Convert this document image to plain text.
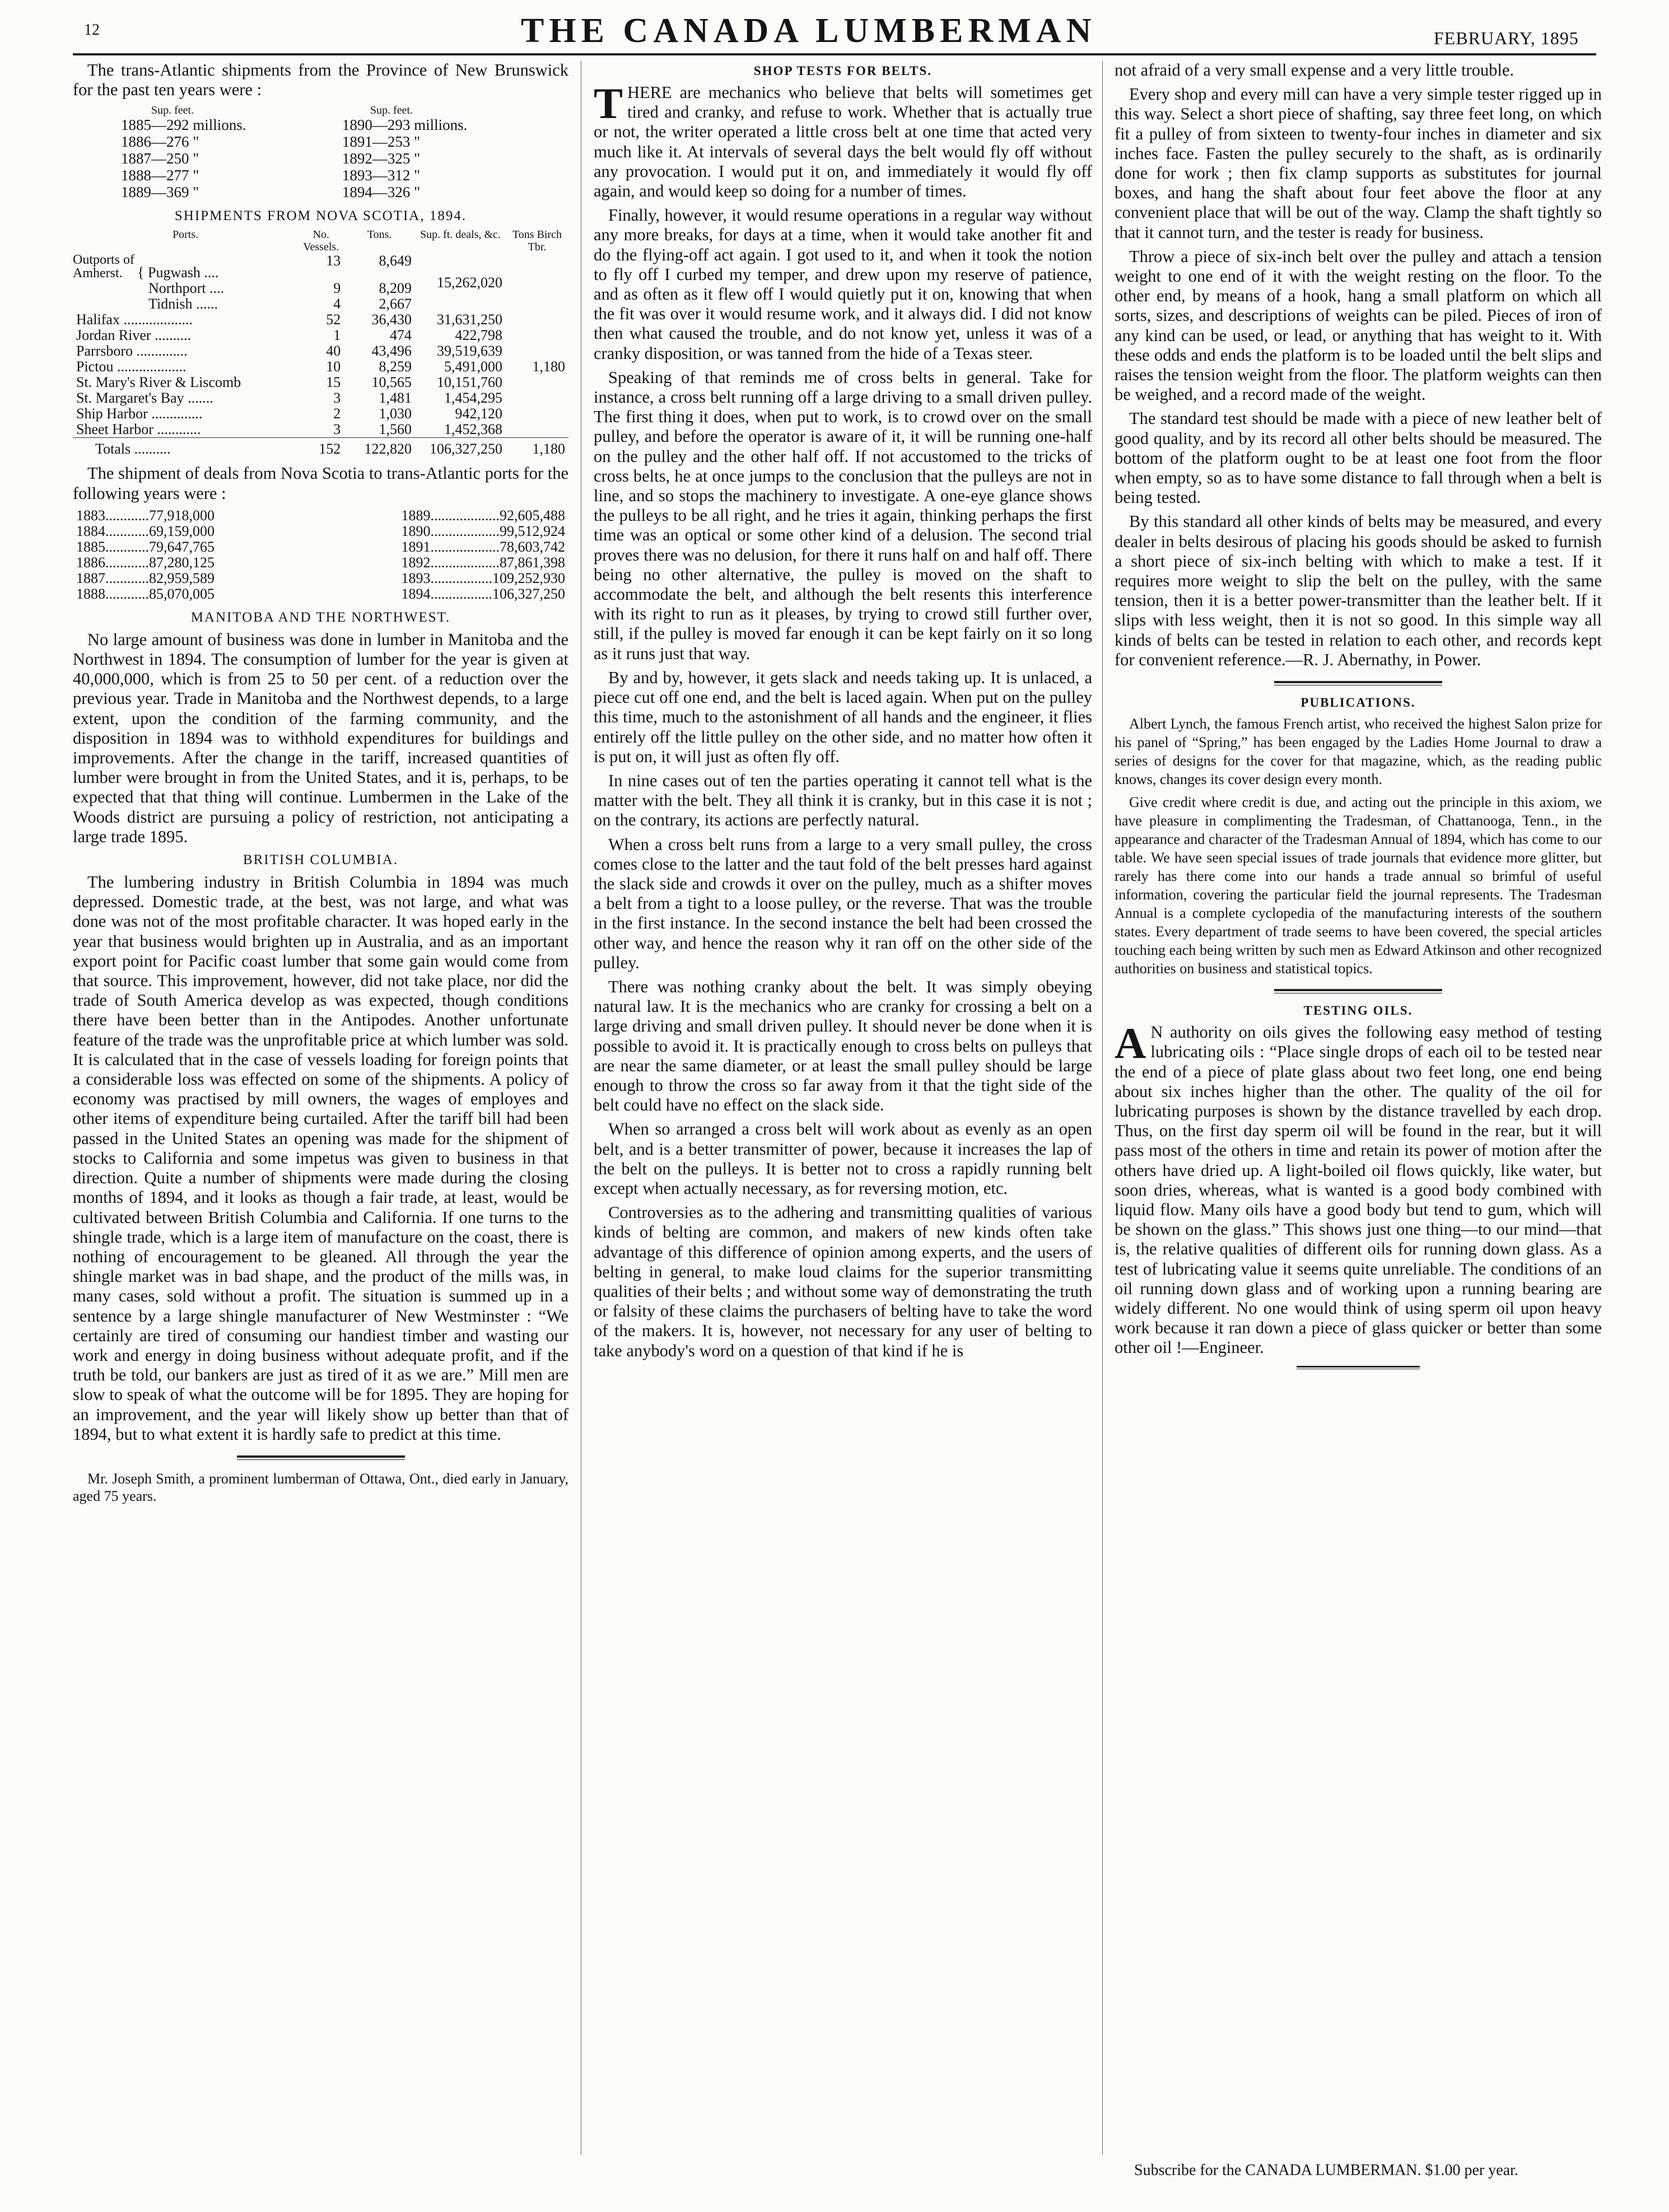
12	THE CANADA LUMBERMAN	FEBRUARY, 1895

The trans-Atlantic shipments from the Province of New Brunswick for the past ten years were :

Sup. feet.	Sup. feet.
1885—292 millions.	1890—293 millions.
1886—276 "	1891—253 "
1887—250 "	1892—325 "
1888—277 "	1893—312 "
1889—369 "	1894—326 "
SHIPMENTS FROM NOVA SCOTIA, 1894.
Ports.	No. Vessels.	Tons.	Sup. ft. deals, &c.	Tons Birch Tbr.
Outports of Amherst. { Pugwash ....	13	8,649	15,262,020	
Northport ....	9	8,209		
Tidnish ......	4	2,667		
Halifax ...................	52	36,430	31,631,250	
Jordan River ..........	1	474	422,798	
Parrsboro ..............	40	43,496	39,519,639	
Pictou ...................	10	8,259	5,491,000	1,180
St. Mary's River & Liscomb	15	10,565	10,151,760	
St. Margaret's Bay .......	3	1,481	1,454,295	
Ship Harbor ..............	2	1,030	942,120	
Sheet Harbor ............	3	1,560	1,452,368	
Totals ..........	152	122,820	106,327,250	1,180

The shipment of deals from Nova Scotia to trans-Atlantic ports for the following years were :

1883............77,918,000	1889...................92,605,488
1884............69,159,000	1890...................99,512,924
1885............79,647,765	1891...................78,603,742
1886............87,280,125	1892...................87,861,398
1887............82,959,589	1893.................109,252,930
1888............85,070,005	1894.................106,327,250
MANITOBA AND THE NORTHWEST.

No large amount of business was done in lumber in Manitoba and the Northwest in 1894. The consumption of lumber for the year is given at 40,000,000, which is from 25 to 50 per cent. of a reduction over the previous year. Trade in Manitoba and the Northwest depends, to a large extent, upon the condition of the farming community, and the disposition in 1894 was to withhold expenditures for buildings and improvements. After the change in the tariff, increased quantities of lumber were brought in from the United States, and it is, perhaps, to be expected that that thing will continue. Lumbermen in the Lake of the Woods district are pursuing a policy of restriction, not anticipating a large trade 1895.

BRITISH COLUMBIA.

The lumbering industry in British Columbia in 1894 was much depressed. Domestic trade, at the best, was not large, and what was done was not of the most profitable character. It was hoped early in the year that business would brighten up in Australia, and as an important export point for Pacific coast lumber that some gain would come from that source. This improvement, however, did not take place, nor did the trade of South America develop as was expected, though conditions there have been better than in the Antipodes. Another unfortunate feature of the trade was the unprofitable price at which lumber was sold. It is calculated that in the case of vessels loading for foreign points that a considerable loss was effected on some of the shipments. A policy of economy was practised by mill owners, the wages of employes and other items of expenditure being curtailed. After the tariff bill had been passed in the United States an opening was made for the shipment of stocks to California and some impetus was given to business in that direction. Quite a number of shipments were made during the closing months of 1894, and it looks as though a fair trade, at least, would be cultivated between British Columbia and California. If one turns to the shingle trade, which is a large item of manufacture on the coast, there is nothing of encouragement to be gleaned. All through the year the shingle market was in bad shape, and the product of the mills was, in many cases, sold without a profit. The situation is summed up in a sentence by a large shingle manufacturer of New Westminster : “We certainly are tired of consuming our handiest timber and wasting our work and energy in doing business without adequate profit, and if the truth be told, our bankers are just as tired of it as we are.” Mill men are slow to speak of what the outcome will be for 1895. They are hoping for an improvement, and the year will likely show up better than that of 1894, but to what extent it is hardly safe to predict at this time.

Mr. Joseph Smith, a prominent lumberman of Ottawa, Ont., died early in January, aged 75 years.

SHOP TESTS FOR BELTS.

THERE are mechanics who believe that belts will sometimes get tired and cranky, and refuse to work. Whether that is actually true or not, the writer operated a little cross belt at one time that acted very much like it. At intervals of several days the belt would fly off without any provocation. I would put it on, and immediately it would fly off again, and would keep so doing for a number of times.

Finally, however, it would resume operations in a regular way without any more breaks, for days at a time, when it would take another fit and do the flying-off act again. I got used to it, and when it took the notion to fly off I curbed my temper, and drew upon my reserve of patience, and as often as it flew off I would quietly put it on, knowing that when the fit was over it would resume work, and it always did. I did not know then what caused the trouble, and do not know yet, unless it was of a cranky disposition, or was tanned from the hide of a Texas steer.

Speaking of that reminds me of cross belts in general. Take for instance, a cross belt running off a large driving to a small driven pulley. The first thing it does, when put to work, is to crowd over on the small pulley, and before the operator is aware of it, it will be running one-half on the pulley and the other half off. If not accustomed to the tricks of cross belts, he at once jumps to the conclusion that the pulleys are not in line, and so stops the machinery to investigate. A one-eye glance shows the pulleys to be all right, and he tries it again, thinking perhaps the first time was an optical or some other kind of a delusion. The second trial proves there was no delusion, for there it runs half on and half off. There being no other alternative, the pulley is moved on the shaft to accommodate the belt, and although the belt resents this interference with its right to run as it pleases, by trying to crowd still further over, still, if the pulley is moved far enough it can be kept fairly on it so long as it runs just that way.

By and by, however, it gets slack and needs taking up. It is unlaced, a piece cut off one end, and the belt is laced again. When put on the pulley this time, much to the astonishment of all hands and the engineer, it flies entirely off the little pulley on the other side, and no matter how often it is put on, it will just as often fly off.

In nine cases out of ten the parties operating it cannot tell what is the matter with the belt. They all think it is cranky, but in this case it is not ; on the contrary, its actions are perfectly natural.

When a cross belt runs from a large to a very small pulley, the cross comes close to the latter and the taut fold of the belt presses hard against the slack side and crowds it over on the pulley, much as a shifter moves a belt from a tight to a loose pulley, or the reverse. That was the trouble in the first instance. In the second instance the belt had been crossed the other way, and hence the reason why it ran off on the other side of the pulley.

There was nothing cranky about the belt. It was simply obeying natural law. It is the mechanics who are cranky for crossing a belt on a large driving and small driven pulley. It should never be done when it is possible to avoid it. It is practically enough to cross belts on pulleys that are near the same diameter, or at least the small pulley should be large enough to throw the cross so far away from it that the tight side of the belt could have no effect on the slack side.

When so arranged a cross belt will work about as evenly as an open belt, and is a better transmitter of power, because it increases the lap of the belt on the pulleys. It is better not to cross a rapidly running belt except when actually necessary, as for reversing motion, etc.

Controversies as to the adhering and transmitting qualities of various kinds of belting are common, and makers of new kinds often take advantage of this difference of opinion among experts, and the users of belting in general, to make loud claims for the superior transmitting qualities of their belts ; and without some way of demonstrating the truth or falsity of these claims the purchasers of belting have to take the word of the makers. It is, however, not necessary for any user of belting to take anybody's word on a question of that kind if he is

not afraid of a very small expense and a very little trouble.

Every shop and every mill can have a very simple tester rigged up in this way. Select a short piece of shafting, say three feet long, on which fit a pulley of from sixteen to twenty-four inches in diameter and six inches face. Fasten the pulley securely to the shaft, as is ordinarily done for work ; then fix clamp supports as substitutes for journal boxes, and hang the shaft about four feet above the floor at any convenient place that will be out of the way. Clamp the shaft tightly so that it cannot turn, and the tester is ready for business.

Throw a piece of six-inch belt over the pulley and attach a tension weight to one end of it with the weight resting on the floor. To the other end, by means of a hook, hang a small platform on which all sorts, sizes, and descriptions of weights can be piled. Pieces of iron of any kind can be used, or lead, or anything that has weight to it. With these odds and ends the platform is to be loaded until the belt slips and raises the tension weight from the floor. The platform weights can then be weighed, and a record made of the weight.

The standard test should be made with a piece of new leather belt of good quality, and by its record all other belts should be measured. The bottom of the platform ought to be at least one foot from the floor when empty, so as to have some distance to fall through when a belt is being tested.

By this standard all other kinds of belts may be measured, and every dealer in belts desirous of placing his goods should be asked to furnish a short piece of six-inch belting with which to make a test. If it requires more weight to slip the belt on the pulley, with the same tension, then it is a better power-transmitter than the leather belt. If it slips with less weight, then it is not so good. In this simple way all kinds of belts can be tested in relation to each other, and records kept for convenient reference.—R. J. Abernathy, in Power.

PUBLICATIONS.

Albert Lynch, the famous French artist, who received the highest Salon prize for his panel of “Spring,” has been engaged by the Ladies Home Journal to draw a series of designs for the cover for that magazine, which, as the reading public knows, changes its cover design every month.

Give credit where credit is due, and acting out the principle in this axiom, we have pleasure in complimenting the Tradesman, of Chattanooga, Tenn., in the appearance and character of the Tradesman Annual of 1894, which has come to our table. We have seen special issues of trade journals that evidence more glitter, but rarely has there come into our hands a trade annual so brimful of useful information, covering the particular field the journal represents. The Tradesman Annual is a complete cyclopedia of the manufacturing interests of the southern states. Every department of trade seems to have been covered, the special articles touching each being written by such men as Edward Atkinson and other recognized authorities on business and statistical topics.

TESTING OILS.

A N authority on oils gives the following easy method of testing lubricating oils : “Place single drops of each oil to be tested near the end of a piece of plate glass about two feet long, one end being about six inches higher than the other. The quality of the oil for lubricating purposes is shown by the distance travelled by each drop. Thus, on the first day sperm oil will be found in the rear, but it will pass most of the others in time and retain its power of motion after the others have dried up. A light-boiled oil flows quickly, like water, but soon dries, whereas, what is wanted is a good body combined with liquid flow. Many oils have a good body but tend to gum, which will be shown on the glass.” This shows just one thing—to our mind—that is, the relative qualities of different oils for running down glass. As a test of lubricating value it seems quite unreliable. The conditions of an oil running down glass and of working upon a running bearing are widely different. No one would think of using sperm oil upon heavy work because it ran down a piece of glass quicker or better than some other oil !—Engineer.

Subscribe for the CANADA LUMBERMAN. $1.00 per year.
